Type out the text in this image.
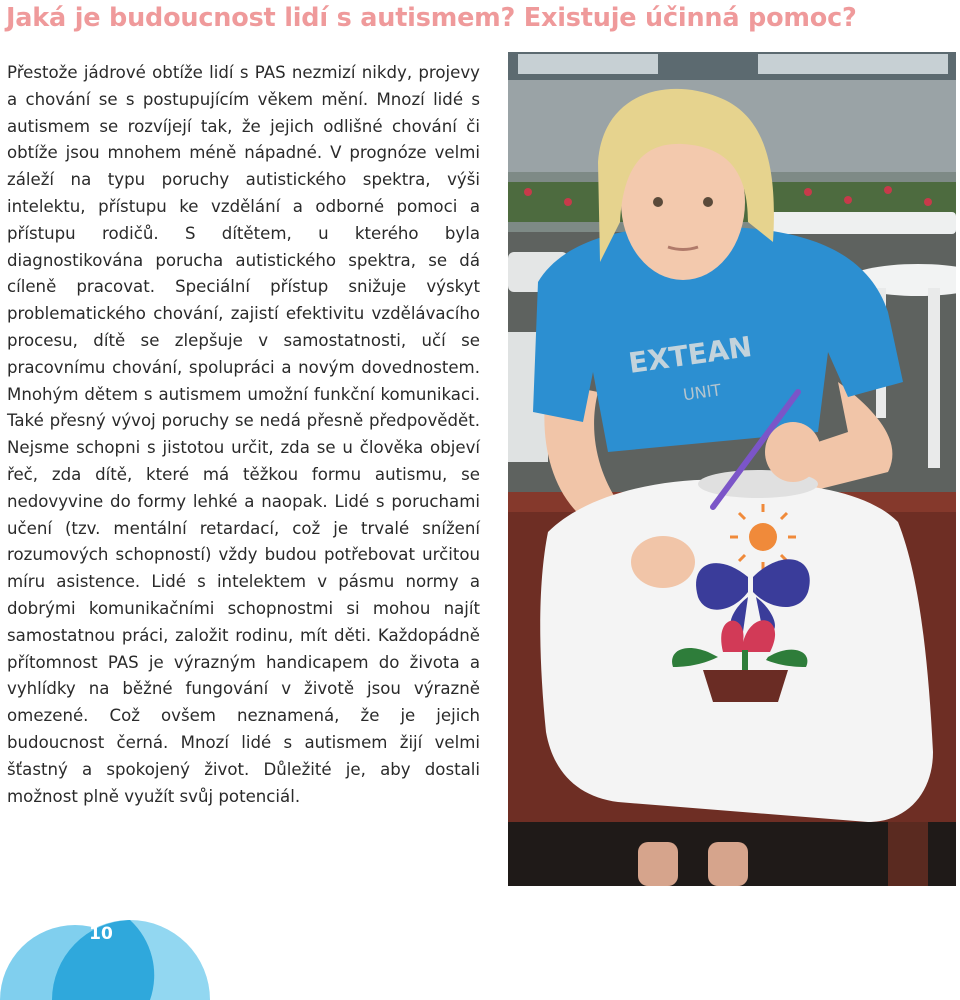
Jaká je budoucnost lidí s autismem? Existuje účinná pomoc?

Přestože jádrové obtíže lidí s PAS nezmizí nikdy, projevy a chování se s postupujícím věkem mění. Mnozí lidé s autismem se rozvíjejí tak, že jejich odlišné chování či obtíže jsou mnohem méně nápadné. V prognóze velmi záleží na typu poruchy autistického spektra, výši intelektu, přístupu ke vzdělání a odborné pomoci a přístupu rodičů. S dítětem, u kterého byla diagnostikována porucha autistického spektra, se dá cíleně pracovat. Speciální přístup snižuje výskyt problematického chování, zajistí efektivitu vzdělávacího procesu, dítě se zlepšuje v samostatnosti, učí se pracovnímu chování, spolupráci a novým dovednostem. Mnohým dětem s autismem umožní funkční komunikaci. Také přesný vývoj poruchy se nedá přesně předpovědět. Nejsme schopni s jistotou určit, zda se u člověka objeví řeč, zda dítě, které má těžkou formu autismu, se nedovyvine do formy lehké a naopak. Lidé s poruchami učení (tzv. mentální retardací, což je trvalé snížení rozumových schopností) vždy budou potřebovat určitou míru asistence. Lidé s intelektem v pásmu normy a dobrými komunikačními schopnostmi si mohou najít samostatnou práci, založit rodinu, mít děti. Každopádně přítomnost PAS je výrazným handicapem do života a vyhlídky na běžné fungování v životě jsou výrazně omezené. Což ovšem neznamená, že je jejich budoucnost černá. Mnozí lidé s autismem žijí velmi šťastný a spokojený život. Důležité je, aby dostali možnost plně využít svůj potenciál.

EXTEAN
UNIT
10
